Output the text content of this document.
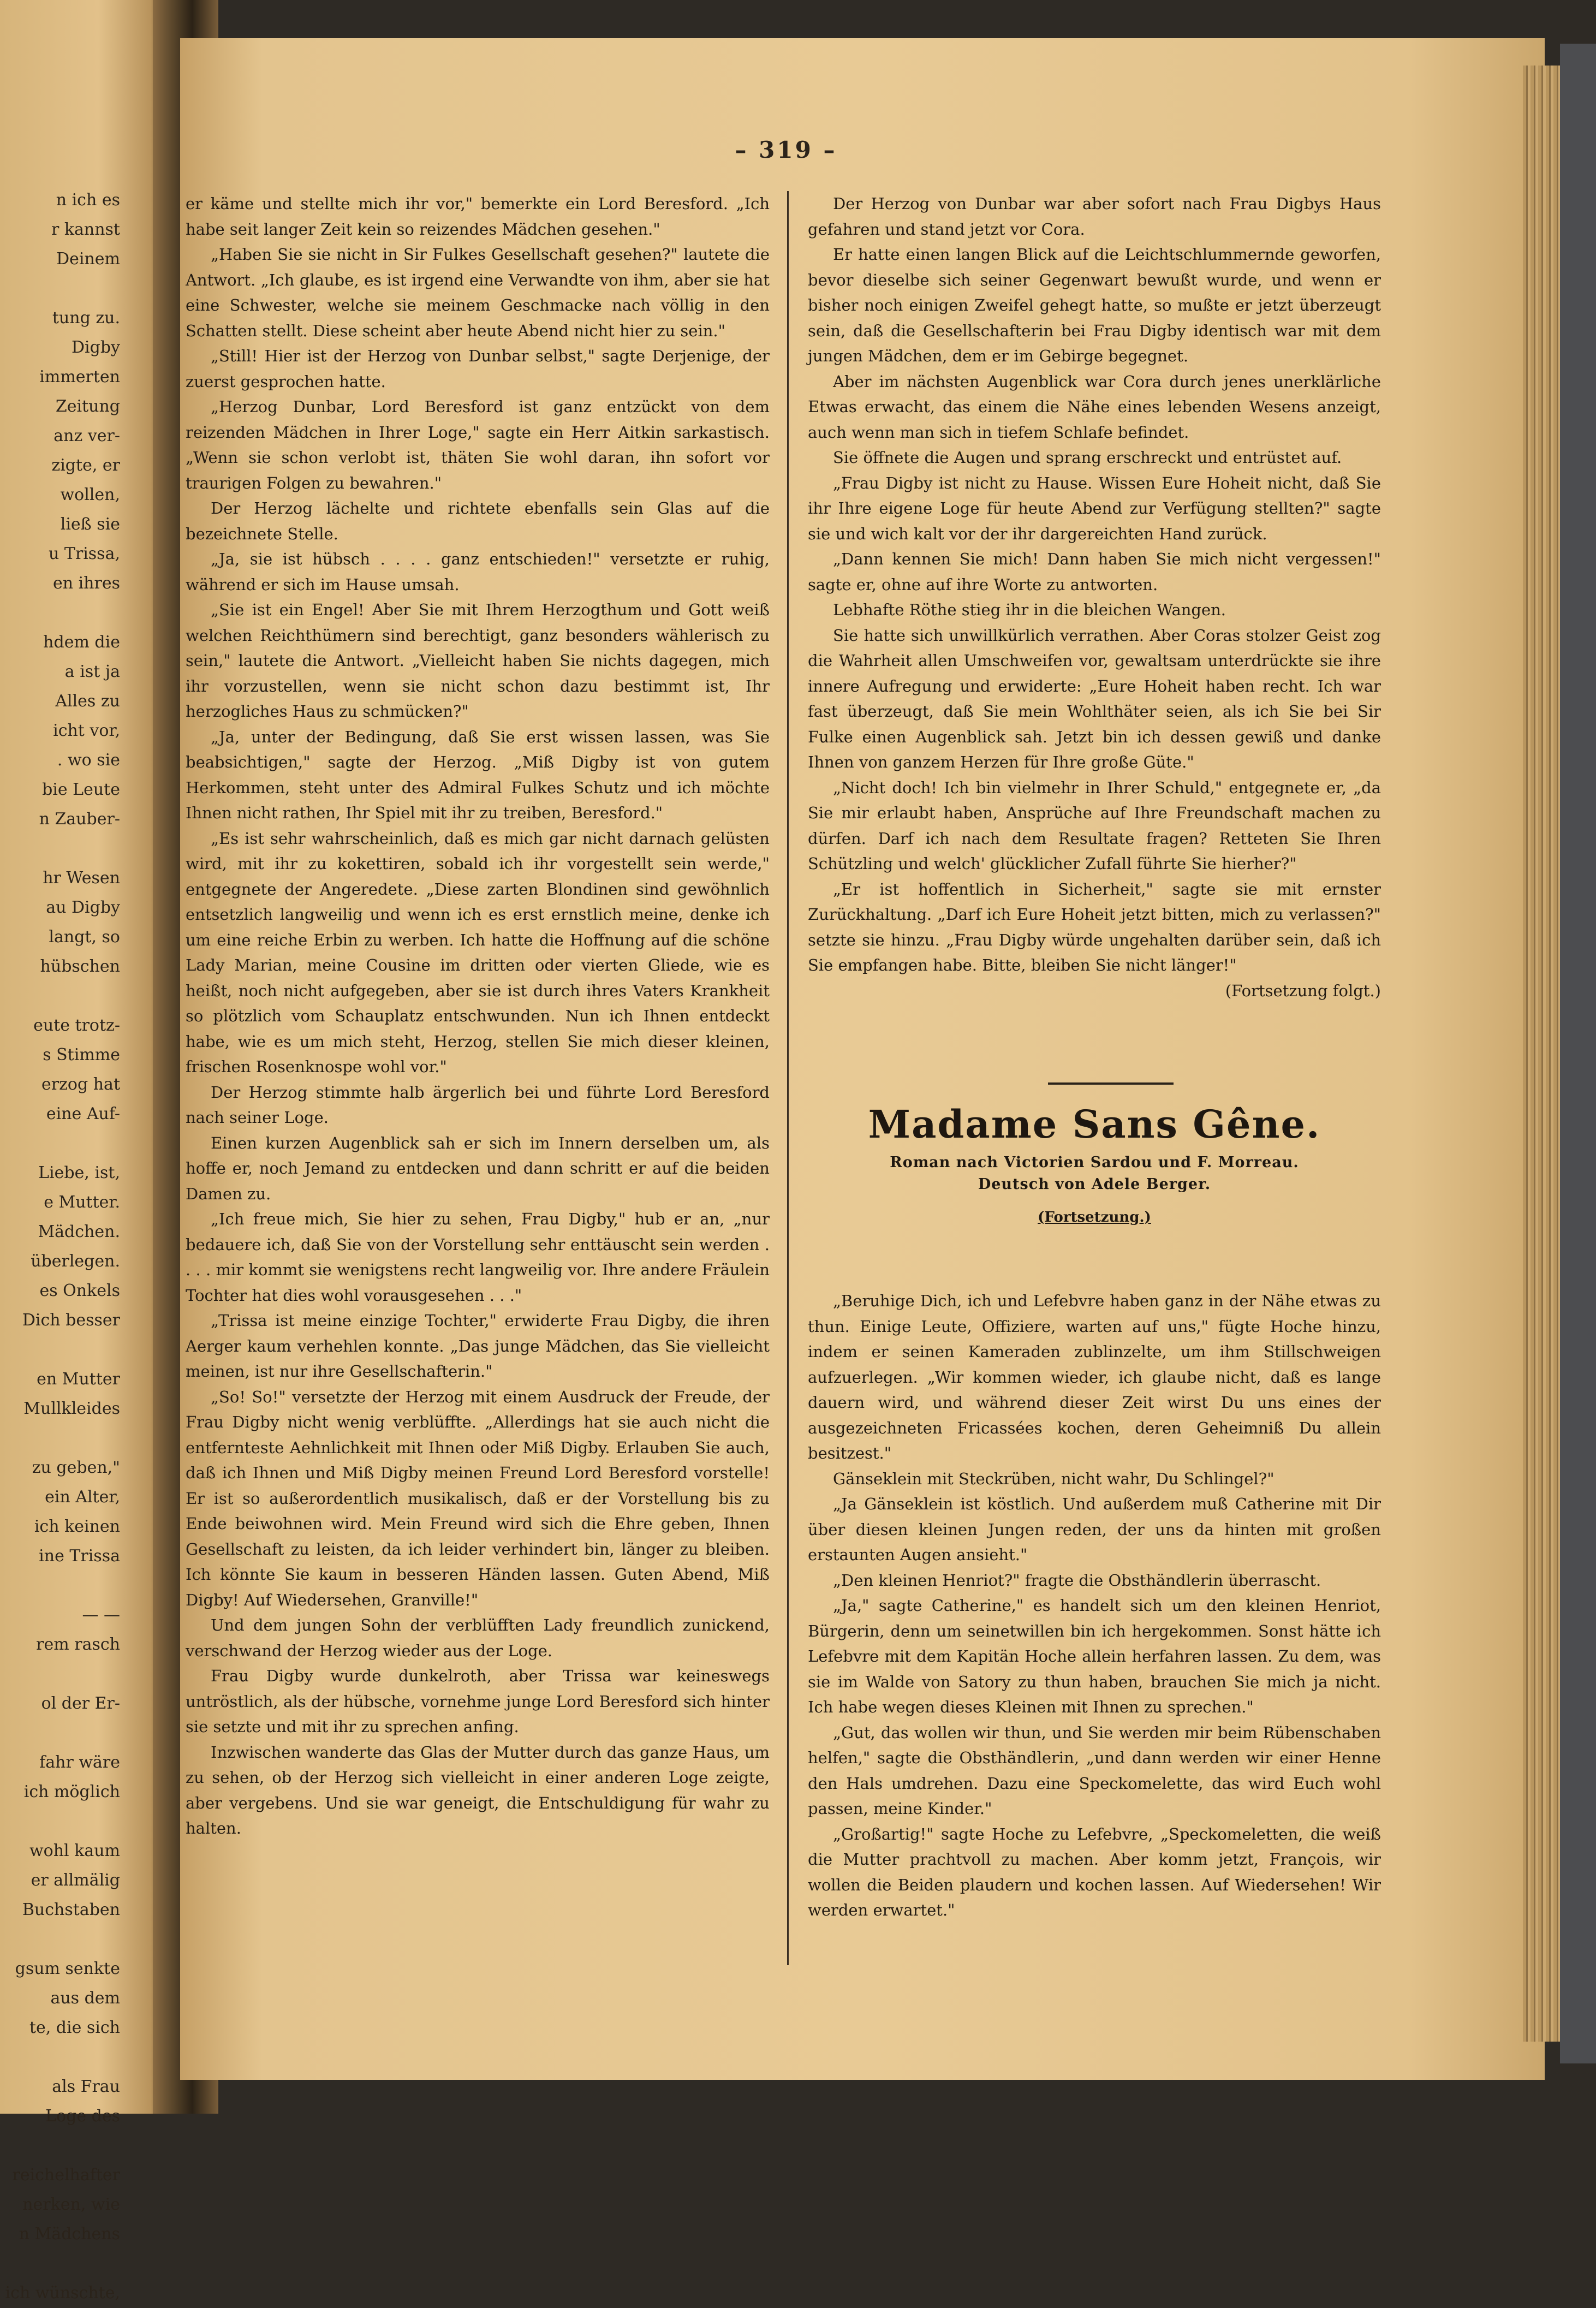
n ich es
r kannst
Deinem

tung zu.
Digby
immerten
Zeitung
anz ver-
zigte, er
wollen,
ließ sie
u Trissa,
en ihres

hdem die
a ist ja
Alles zu
icht vor,
. wo sie
bie Leute
n Zauber-

hr Wesen
au Digby
langt, so
hübschen

eute trotz-
s Stimme
erzog hat
eine Auf-

Liebe, ist,
e Mutter.
Mädchen.
überlegen.
es Onkels
Dich besser

en Mutter
Mullkleides

zu geben,"
ein Alter,
ich keinen
ine Trissa

— —
rem rasch

ol der Er-

fahr wäre
ich möglich

wohl kaum
er allmälig
Buchstaben

gsum senkte
aus dem
te, die sich

als Frau
Loge des

reichelhafter
nerken, wie
n Mädchens

ich wünschte,
– 319 –

er käme und stellte mich ihr vor," bemerkte ein Lord Beresford. „Ich habe seit langer Zeit kein so reizendes Mädchen gesehen."

„Haben Sie sie nicht in Sir Fulkes Gesellschaft gesehen?" lautete die Antwort. „Ich glaube, es ist irgend eine Verwandte von ihm, aber sie hat eine Schwester, welche sie meinem Geschmacke nach völlig in den Schatten stellt. Diese scheint aber heute Abend nicht hier zu sein."

„Still! Hier ist der Herzog von Dunbar selbst," sagte Derjenige, der zuerst gesprochen hatte.

„Herzog Dunbar, Lord Beresford ist ganz entzückt von dem reizenden Mädchen in Ihrer Loge," sagte ein Herr Aitkin sarkastisch. „Wenn sie schon verlobt ist, thäten Sie wohl daran, ihn sofort vor traurigen Folgen zu bewahren."

Der Herzog lächelte und richtete ebenfalls sein Glas auf die bezeichnete Stelle.

„Ja, sie ist hübsch . . . . ganz entschieden!" versetzte er ruhig, während er sich im Hause umsah.

„Sie ist ein Engel! Aber Sie mit Ihrem Herzogthum und Gott weiß welchen Reichthümern sind berechtigt, ganz besonders wählerisch zu sein," lautete die Antwort. „Vielleicht haben Sie nichts dagegen, mich ihr vorzustellen, wenn sie nicht schon dazu bestimmt ist, Ihr herzogliches Haus zu schmücken?"

„Ja, unter der Bedingung, daß Sie erst wissen lassen, was Sie beabsichtigen," sagte der Herzog. „Miß Digby ist von gutem Herkommen, steht unter des Admiral Fulkes Schutz und ich möchte Ihnen nicht rathen, Ihr Spiel mit ihr zu treiben, Beresford."

„Es ist sehr wahrscheinlich, daß es mich gar nicht darnach gelüsten wird, mit ihr zu kokettiren, sobald ich ihr vorgestellt sein werde," entgegnete der Angeredete. „Diese zarten Blondinen sind gewöhnlich entsetzlich langweilig und wenn ich es erst ernstlich meine, denke ich um eine reiche Erbin zu werben. Ich hatte die Hoffnung auf die schöne Lady Marian, meine Cousine im dritten oder vierten Gliede, wie es heißt, noch nicht aufgegeben, aber sie ist durch ihres Vaters Krankheit so plötzlich vom Schauplatz entschwunden. Nun ich Ihnen entdeckt habe, wie es um mich steht, Herzog, stellen Sie mich dieser kleinen, frischen Rosenknospe wohl vor."

Der Herzog stimmte halb ärgerlich bei und führte Lord Beresford nach seiner Loge.

Einen kurzen Augenblick sah er sich im Innern derselben um, als hoffe er, noch Jemand zu entdecken und dann schritt er auf die beiden Damen zu.

„Ich freue mich, Sie hier zu sehen, Frau Digby," hub er an, „nur bedauere ich, daß Sie von der Vorstellung sehr enttäuscht sein werden . . . . mir kommt sie wenigstens recht langweilig vor. Ihre andere Fräulein Tochter hat dies wohl vorausgesehen . . ."

„Trissa ist meine einzige Tochter," erwiderte Frau Digby, die ihren Aerger kaum verhehlen konnte. „Das junge Mädchen, das Sie vielleicht meinen, ist nur ihre Gesellschafterin."

„So! So!" versetzte der Herzog mit einem Ausdruck der Freude, der Frau Digby nicht wenig verblüffte. „Allerdings hat sie auch nicht die entfernteste Aehnlichkeit mit Ihnen oder Miß Digby. Erlauben Sie auch, daß ich Ihnen und Miß Digby meinen Freund Lord Beresford vorstelle! Er ist so außerordentlich musikalisch, daß er der Vorstellung bis zu Ende beiwohnen wird. Mein Freund wird sich die Ehre geben, Ihnen Gesellschaft zu leisten, da ich leider verhindert bin, länger zu bleiben. Ich könnte Sie kaum in besseren Händen lassen. Guten Abend, Miß Digby! Auf Wiedersehen, Granville!"

Und dem jungen Sohn der verblüfften Lady freundlich zunickend, verschwand der Herzog wieder aus der Loge.

Frau Digby wurde dunkelroth, aber Trissa war keineswegs untröstlich, als der hübsche, vornehme junge Lord Beresford sich hinter sie setzte und mit ihr zu sprechen anfing.

Inzwischen wanderte das Glas der Mutter durch das ganze Haus, um zu sehen, ob der Herzog sich vielleicht in einer anderen Loge zeigte, aber vergebens. Und sie war geneigt, die Entschuldigung für wahr zu halten.

Der Herzog von Dunbar war aber sofort nach Frau Digbys Haus gefahren und stand jetzt vor Cora.

Er hatte einen langen Blick auf die Leichtschlummernde geworfen, bevor dieselbe sich seiner Gegenwart bewußt wurde, und wenn er bisher noch einigen Zweifel gehegt hatte, so mußte er jetzt überzeugt sein, daß die Gesellschafterin bei Frau Digby identisch war mit dem jungen Mädchen, dem er im Gebirge begegnet.

Aber im nächsten Augenblick war Cora durch jenes unerklärliche Etwas erwacht, das einem die Nähe eines lebenden Wesens anzeigt, auch wenn man sich in tiefem Schlafe befindet.

Sie öffnete die Augen und sprang erschreckt und entrüstet auf.

„Frau Digby ist nicht zu Hause. Wissen Eure Hoheit nicht, daß Sie ihr Ihre eigene Loge für heute Abend zur Verfügung stellten?" sagte sie und wich kalt vor der ihr dargereichten Hand zurück.

„Dann kennen Sie mich! Dann haben Sie mich nicht vergessen!" sagte er, ohne auf ihre Worte zu antworten.

Lebhafte Röthe stieg ihr in die bleichen Wangen.

Sie hatte sich unwillkürlich verrathen. Aber Coras stolzer Geist zog die Wahrheit allen Umschweifen vor, gewaltsam unterdrückte sie ihre innere Aufregung und erwiderte: „Eure Hoheit haben recht. Ich war fast überzeugt, daß Sie mein Wohlthäter seien, als ich Sie bei Sir Fulke einen Augenblick sah. Jetzt bin ich dessen gewiß und danke Ihnen von ganzem Herzen für Ihre große Güte."

„Nicht doch! Ich bin vielmehr in Ihrer Schuld," entgegnete er, „da Sie mir erlaubt haben, Ansprüche auf Ihre Freundschaft machen zu dürfen. Darf ich nach dem Resultate fragen? Retteten Sie Ihren Schützling und welch' glücklicher Zufall führte Sie hierher?"

„Er ist hoffentlich in Sicherheit," sagte sie mit ernster Zurückhaltung. „Darf ich Eure Hoheit jetzt bitten, mich zu verlassen?" setzte sie hinzu. „Frau Digby würde ungehalten darüber sein, daß ich Sie empfangen habe. Bitte, bleiben Sie nicht länger!"

(Fortsetzung folgt.)

Madame Sans Gêne.

Roman nach Victorien Sardou und F. Morreau.

Deutsch von Adele Berger.

(Fortsetzung.)

„Beruhige Dich, ich und Lefebvre haben ganz in der Nähe etwas zu thun. Einige Leute, Offiziere, warten auf uns," fügte Hoche hinzu, indem er seinen Kameraden zublinzelte, um ihm Stillschweigen aufzuerlegen. „Wir kommen wieder, ich glaube nicht, daß es lange dauern wird, und während dieser Zeit wirst Du uns eines der ausgezeichneten Fricassées kochen, deren Geheimniß Du allein besitzest."

Gänseklein mit Steckrüben, nicht wahr, Du Schlingel?"

„Ja Gänseklein ist köstlich. Und außerdem muß Catherine mit Dir über diesen kleinen Jungen reden, der uns da hinten mit großen erstaunten Augen ansieht."

„Den kleinen Henriot?" fragte die Obsthändlerin überrascht.

„Ja," sagte Catherine," es handelt sich um den kleinen Henriot, Bürgerin, denn um seinetwillen bin ich hergekommen. Sonst hätte ich Lefebvre mit dem Kapitän Hoche allein herfahren lassen. Zu dem, was sie im Walde von Satory zu thun haben, brauchen Sie mich ja nicht. Ich habe wegen dieses Kleinen mit Ihnen zu sprechen."

„Gut, das wollen wir thun, und Sie werden mir beim Rübenschaben helfen," sagte die Obsthändlerin, „und dann werden wir einer Henne den Hals umdrehen. Dazu eine Speckomelette, das wird Euch wohl passen, meine Kinder."

„Großartig!" sagte Hoche zu Lefebvre, „Speckomeletten, die weiß die Mutter prachtvoll zu machen. Aber komm jetzt, François, wir wollen die Beiden plaudern und kochen lassen. Auf Wiedersehen! Wir werden erwartet."
